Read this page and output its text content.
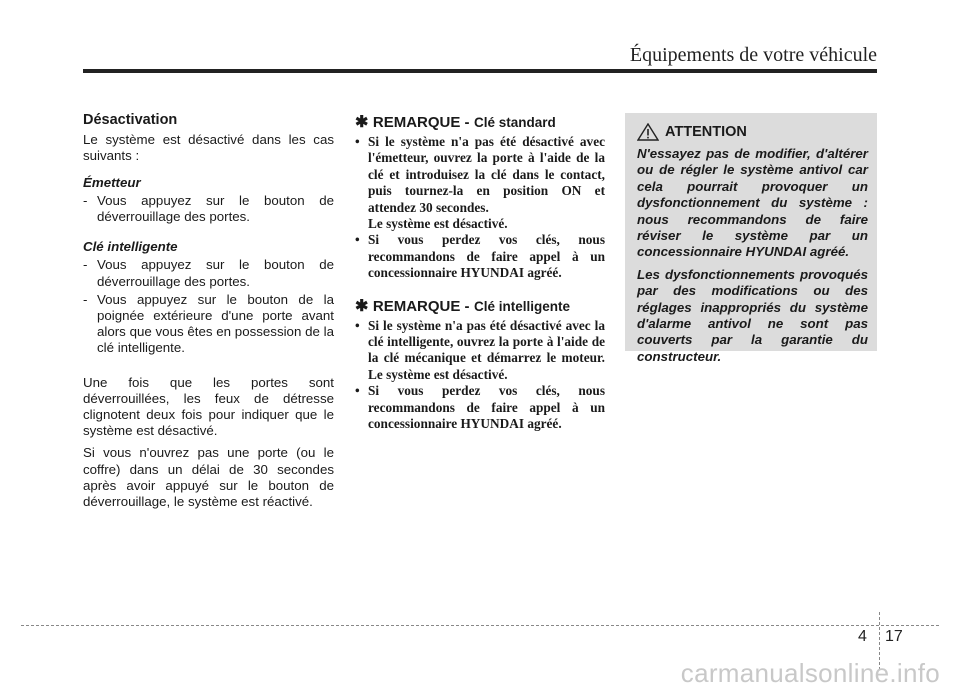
Équipements de votre véhicule
Désactivation

Le système est désactivé dans les cas suivants :

Émetteur
- Vous appuyez sur le bouton de déverrouillage des portes.
Clé intelligente
- Vous appuyez sur le bouton de déverrouillage des portes.
- Vous appuyez sur le bouton de la poignée extérieure d'une porte avant alors que vous êtes en possession de la clé intelligente.

Une fois que les portes sont déverrouillées, les feux de détresse clignotent deux fois pour indiquer que le système est désactivé.

Si vous n'ouvrez pas une porte (ou le coffre) dans un délai de 30 secondes après avoir appuyé sur le bouton de déverrouillage, le système est réactivé.

✱ REMARQUE - Clé standard
• Si le système n'a pas été désactivé avec l'émetteur, ouvrez la porte à l'aide de la clé et introduisez la clé dans le contact, puis tournez-la en position ON et attendez 30 secondes.
Le système est désactivé.
• Si vous perdez vos clés, nous recommandons de faire appel à un concessionnaire HYUNDAI agréé.
✱ REMARQUE - Clé intelligente
• Si le système n'a pas été désactivé avec la clé intelligente, ouvrez la porte à l'aide de la clé mécanique et démarrez le moteur. Le système est désactivé.
• Si vous perdez vos clés, nous recommandons de faire appel à un concessionnaire HYUNDAI agréé.
ATTENTION

N'essayez pas de modifier, d'altérer ou de régler le système antivol car cela pourrait provoquer un dysfonctionnement du système : nous recommandons de faire réviser le système par un concessionnaire HYUNDAI agréé.

Les dysfonctionnements provoqués par des modifications ou des réglages inappropriés du système d'alarme antivol ne sont pas couverts par la garantie du constructeur.

4 17
carmanualsonline.info
